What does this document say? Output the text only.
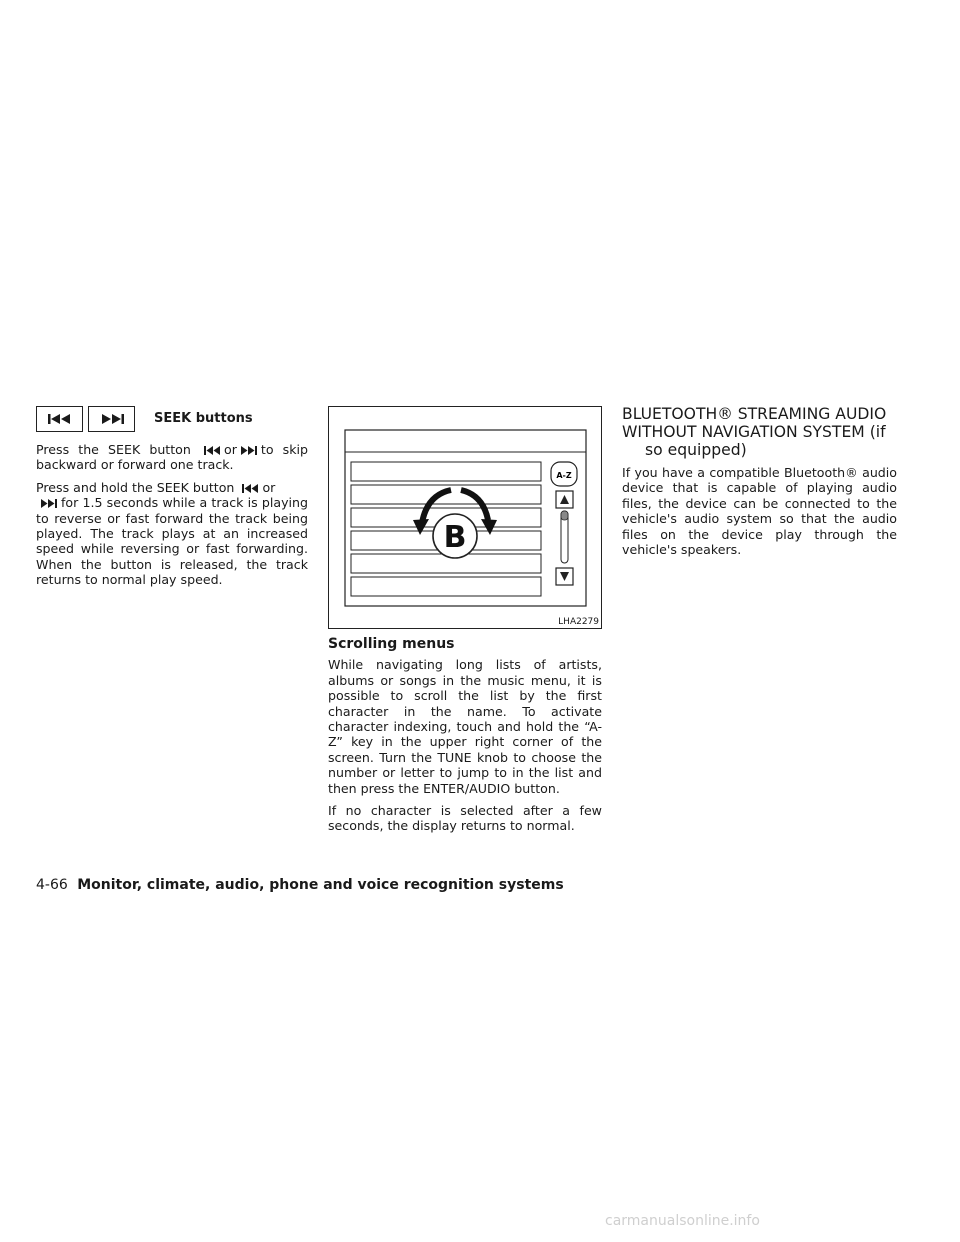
SEEK buttons

Press the SEEK button	or to skip backward or forward one track.

Press and hold the SEEK button or
for 1.5 seconds while a track is playing to reverse or fast forward the track being played. The track plays at an increased speed while reversing or fast forwarding. When the button is released, the track returns to normal play speed.

A-Z
B
LHA2279
Scrolling menus

While navigating long lists of artists, albums or songs in the music menu, it is possible to scroll the list by the first character in the name. To activate character indexing, touch and hold the “A-Z” key in the upper right corner of the screen. Turn the TUNE knob to choose the number or letter to jump to in the list and then press the ENTER/AUDIO button.

If no character is selected after a few seconds, the display returns to normal.

BLUETOOTH® STREAMING AUDIO
WITHOUT NAVIGATION SYSTEM (if
so equipped)

If you have a compatible Bluetooth® audio device that is capable of playing audio files, the device can be connected to the vehicle's audio system so that the audio files on the device play through the vehicle's speakers.

4-66 Monitor, climate, audio, phone and voice recognition systems
carmanualsonline.info
